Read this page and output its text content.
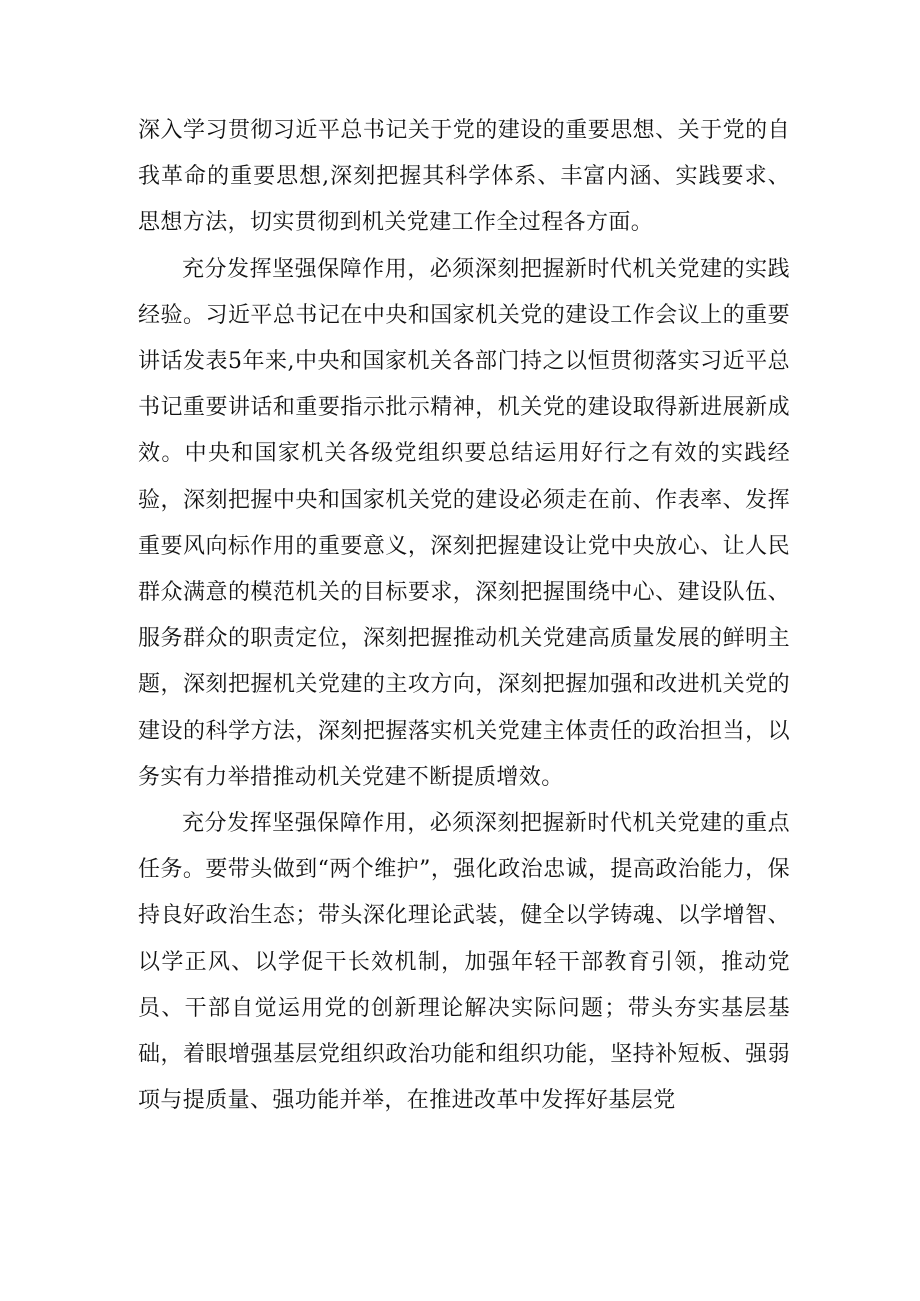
深入学习贯彻习近平总书记关于党的建设的重要思想、关于党的自我革命的重要思想,深刻把握其科学体系、丰富内涵、实践要求、思想方法，切实贯彻到机关党建工作全过程各方面。

充分发挥坚强保障作用，必须深刻把握新时代机关党建的实践经验。习近平总书记在中央和国家机关党的建设工作会议上的重要讲话发表5年来,中央和国家机关各部门持之以恒贯彻落实习近平总书记重要讲话和重要指示批示精神，机关党的建设取得新进展新成效。中央和国家机关各级党组织要总结运用好行之有效的实践经验，深刻把握中央和国家机关党的建设必须走在前、作表率、发挥重要风向标作用的重要意义，深刻把握建设让党中央放心、让人民群众满意的模范机关的目标要求，深刻把握围绕中心、建设队伍、服务群众的职责定位，深刻把握推动机关党建高质量发展的鲜明主题，深刻把握机关党建的主攻方向，深刻把握加强和改进机关党的建设的科学方法，深刻把握落实机关党建主体责任的政治担当，以务实有力举措推动机关党建不断提质增效。

充分发挥坚强保障作用，必须深刻把握新时代机关党建的重点任务。要带头做到“两个维护”，强化政治忠诚，提高政治能力，保持良好政治生态；带头深化理论武装，健全以学铸魂、以学增智、以学正风、以学促干长效机制，加强年轻干部教育引领，推动党员、干部自觉运用党的创新理论解决实际问题；带头夯实基层基础，着眼增强基层党组织政治功能和组织功能，坚持补短板、强弱项与提质量、强功能并举，在推进改革中发挥好基层党
